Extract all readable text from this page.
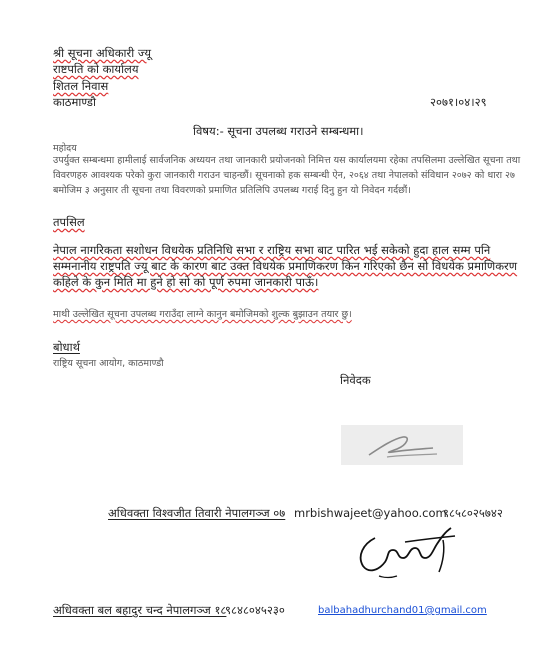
श्री सूचना अधिकारी ज्यू
राष्टपति को कार्यालय
शितल निवास
काठमाण्डौ	२०७१।०४।२९
विषय:- सूचना उपलब्ध गराउने सम्बन्धमा।
महोदय
उपर्युक्त सम्बन्धमा हामीलाई सार्वजनिक अध्ययन तथा जानकारी प्रयोजनको निमित्त यस कार्यालयमा रहेका तपसिलमा उल्लेखित सूचना तथा विवरणहरु आवश्यक परेको कुरा जानकारी गराउन चाहन्छौं। सूचनाको हक सम्बन्धी ऐन, २०६४ तथा नेपालको संविधान २०७२ को धारा २७ बमोजिम ३ अनुसार ती सूचना तथा विवरणको प्रमाणित प्रतिलिपि उपलब्ध गराई दिनु हुन यो निवेदन गर्दछौं।
तपसिल
नेपाल नागरिकता सशोधन विधयेक प्रतिनिधि सभा र राष्ट्रिय सभा बाट पारित भई सकेको हुदा हाल सम्म पनि सम्मनानीय राष्ट्रपति ज्यू बाट के कारण बाट उक्त विधयेक प्रमाणिकरण किन गरिएको छैन सो विधयेक प्रमाणिकरण कहिले के कुन मिति मा हुने हो सो को पूर्ण रुपमा जानकारी पाऊँ।
माथी उल्लेखित सूचना उपलब्ध गराउँदा लाग्ने कानुन बमोजिमको शुल्क बुझाउन तयार छु।
बोधार्थ
राष्ट्रिय सूचना आयोग, काठमाण्डौ
निवेदक
अधिवक्ता विश्वजीत तिवारी नेपालगञ्ज ०७ mrbishwajeet@yahoo.com
९८५८०२५७४२
अधिवक्ता बल बहादुर चन्द नेपालगञ्ज १८
९८४८०४५२३०	balbahadhurchand01@gmail.com
